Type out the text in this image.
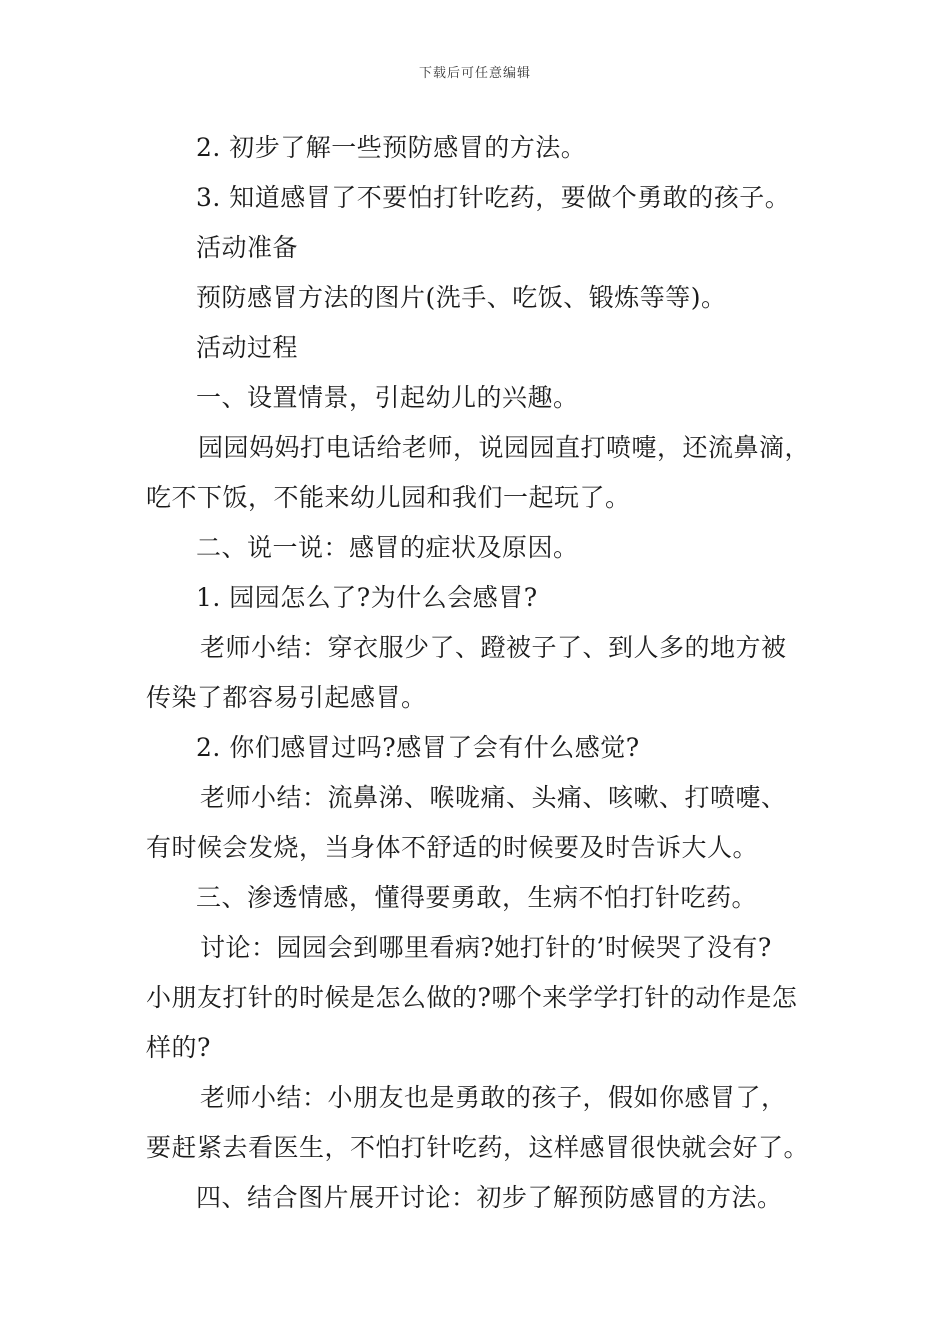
下载后可任意编辑
2. 初步了解一些预防感冒的方法。
3. 知道感冒了不要怕打针吃药，要做个勇敢的孩子。
活动准备
预防感冒方法的图片(洗手、吃饭、锻炼等等)。
活动过程
一、设置情景，引起幼儿的兴趣。
园园妈妈打电话给老师，说园园直打喷嚏，还流鼻滴，
吃不下饭，不能来幼儿园和我们一起玩了。
二、说一说：感冒的症状及原因。
1. 园园怎么了?为什么会感冒?
老师小结：穿衣服少了、蹬被子了、到人多的地方被
传染了都容易引起感冒。
2. 你们感冒过吗?感冒了会有什么感觉?
老师小结：流鼻涕、喉咙痛、头痛、咳嗽、打喷嚏、
有时候会发烧，当身体不舒适的时候要及时告诉大人。
三、渗透情感，懂得要勇敢，生病不怕打针吃药。
讨论：园园会到哪里看病?她打针的’时候哭了没有?
小朋友打针的时候是怎么做的?哪个来学学打针的动作是怎
样的?
老师小结：小朋友也是勇敢的孩子，假如你感冒了，
要赶紧去看医生，不怕打针吃药，这样感冒很快就会好了。
四、结合图片展开讨论：初步了解预防感冒的方法。
